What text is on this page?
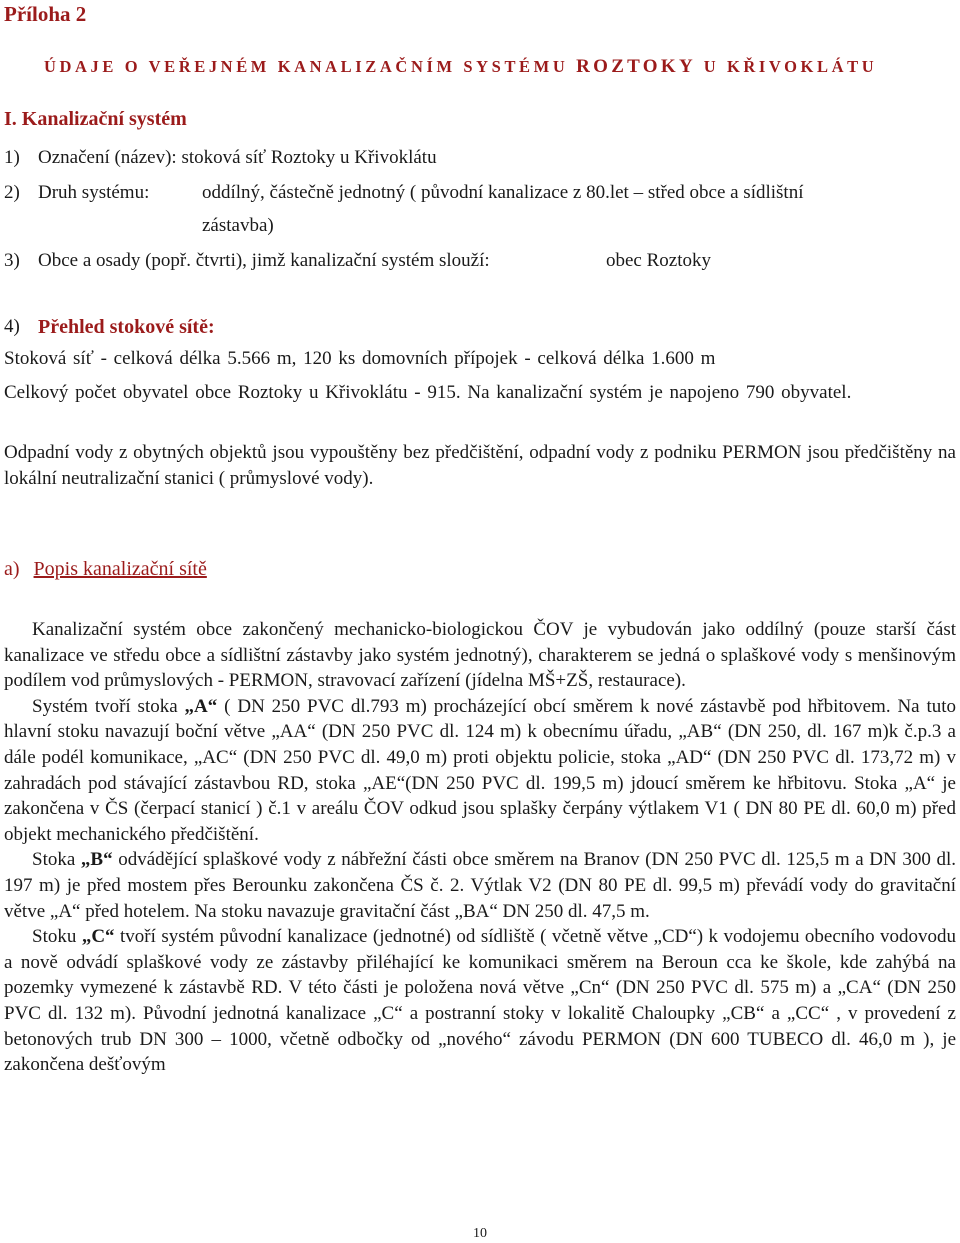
Příloha 2
ÚDAJE O VEŘEJNÉM KANALIZAČNÍM SYSTÉMU ROZTOKY U KŘIVOKLÁTU
I. Kanalizační systém
1) Označení (název): stoková síť Roztoky u Křivoklátu
2) Druh systému:	oddílný, částečně jednotný ( původní kanalizace z 80.let – střed obce a sídlištní
zástavba)
3) Obce a osady (popř. čtvrti), jimž kanalizační systém slouží:	obec Roztoky
4) Přehled stokové sítě:
Stoková síť - celková délka 5.566 m, 120 ks domovních přípojek - celková délka 1.600 m
Celkový počet obyvatel obce Roztoky u Křivoklátu - 915. Na kanalizační systém je napojeno 790 obyvatel.
Odpadní vody z obytných objektů jsou vypouštěny bez předčištění, odpadní vody z podniku PERMON jsou předčištěny na lokální neutralizační stanici ( průmyslové vody).
a) Popis kanalizační sítě

Kanalizační systém obce zakončený mechanicko-biologickou ČOV je vybudován jako oddílný (pouze starší část kanalizace ve středu obce a sídlištní zástavby jako systém jednotný), charakterem se jedná o splaškové vody s menšinovým podílem vod průmyslových - PERMON, stravovací zařízení (jídelna MŠ+ZŠ, restaurace).

Systém tvoří stoka „A“ ( DN 250 PVC dl.793 m) procházející obcí směrem k nové zástavbě pod hřbitovem. Na tuto hlavní stoku navazují boční větve „AA“ (DN 250 PVC dl. 124 m) k obecnímu úřadu, „AB“ (DN 250, dl. 167 m)k č.p.3 a dále podél komunikace, „AC“ (DN 250 PVC dl. 49,0 m) proti objektu policie, stoka „AD“ (DN 250 PVC dl. 173,72 m) v zahradách pod stávající zástavbou RD, stoka „AE“(DN 250 PVC dl. 199,5 m) jdoucí směrem ke hřbitovu. Stoka „A“ je zakončena v ČS (čerpací stanicí ) č.1 v areálu ČOV odkud jsou splašky čerpány výtlakem V1 ( DN 80 PE dl. 60,0 m) před objekt mechanického předčištění.

Stoka „B“ odvádějící splaškové vody z nábřežní části obce směrem na Branov (DN 250 PVC dl. 125,5 m a DN 300 dl. 197 m) je před mostem přes Berounku zakončena ČS č. 2. Výtlak V2 (DN 80 PE dl. 99,5 m) převádí vody do gravitační větve „A“ před hotelem. Na stoku navazuje gravitační část „BA“ DN 250 dl. 47,5 m.

Stoku „C“ tvoří systém původní kanalizace (jednotné) od sídliště ( včetně větve „CD“) k vodojemu obecního vodovodu a nově odvádí splaškové vody ze zástavby přiléhající ke komunikaci směrem na Beroun cca ke škole, kde zahýbá na pozemky vymezené k zástavbě RD. V této části je položena nová větve „Cn“ (DN 250 PVC dl. 575 m) a „CA“ (DN 250 PVC dl. 132 m). Původní jednotná kanalizace „C“ a postranní stoky v lokalitě Chaloupky „CB“ a „CC“ , v provedení z betonových trub DN 300 – 1000, včetně odbočky od „nového“ závodu PERMON (DN 600 TUBECO dl. 46,0 m ), je zakončena dešťovým

10
